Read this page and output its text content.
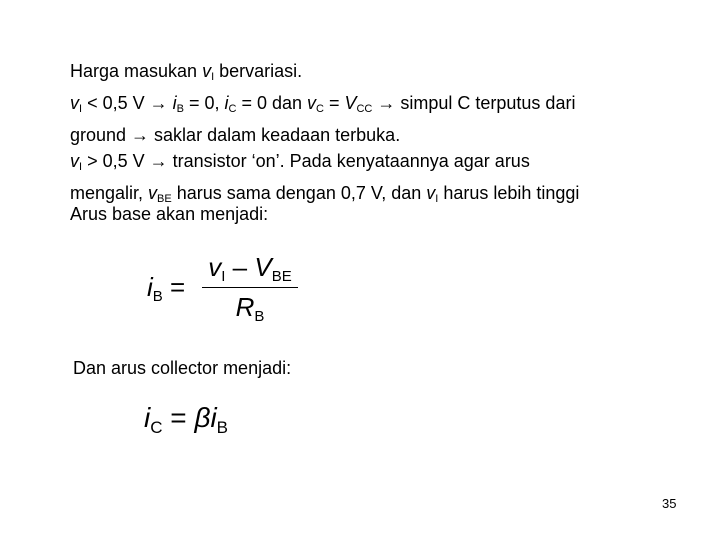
Harga masukan $v_I$ bervariasi.

$v_I < 0,5$ $V \to i_B = 0$, $i_C = 0$ dan $v_C = V_{CC}$ → simpul C terputus dari

ground → saklar dalam keadaan terbuka.

$v_I > 0,5$ V → transistor ‘on’. Pada kenyataannya agar arus

mengalir, $v_{BE}$ harus sama dengan 0,7 V, dan $v_I$ harus lebih tinggi

Arus base akan menjadi:
$i_B$ =
$v_I - V_{BE}$
$R_B$
Dan arus collector menjadi:
$i_C = \beta i_B$
35
